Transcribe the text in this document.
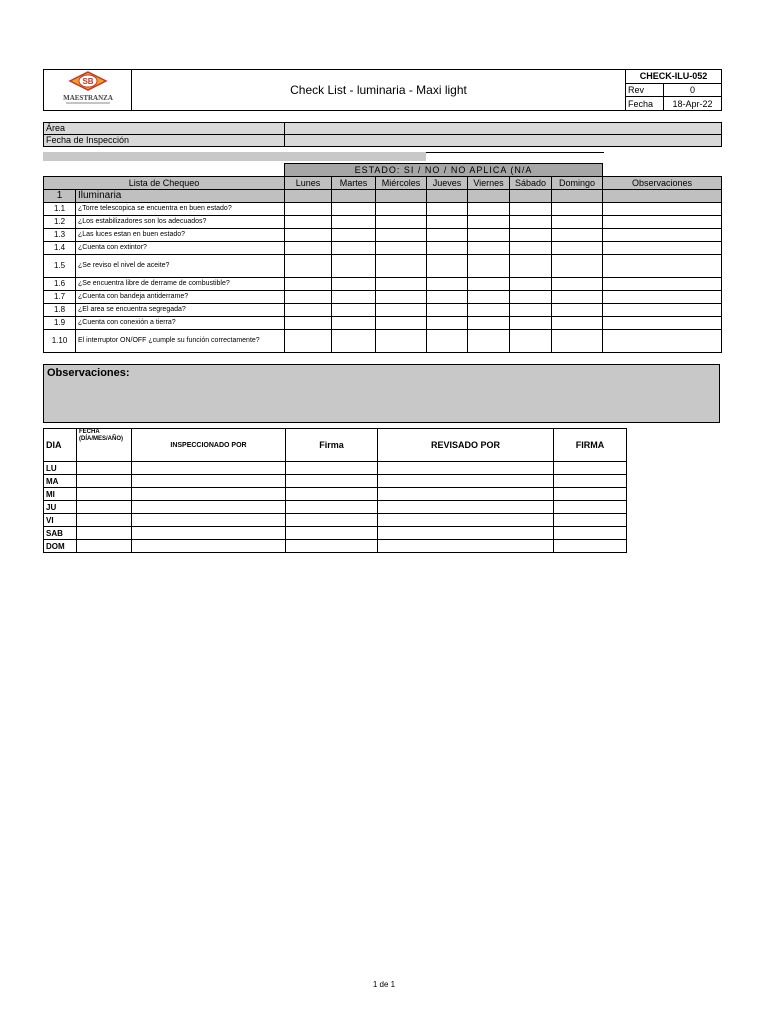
SB
MAESTRANZA	Check List - luminaria - Maxi light	CHECK-ILU-052	
		Rev	0
		Fecha	18-Apr-22
Área	
Fecha de Inspección	
		ESTADO: SI / NO / NO APLICA (N/A							
Lista de Chequeo		Lunes	Martes	Miércoles	Jueves	Viernes	Sábado	Domingo	Observaciones
1	Iluminaria								
1.1	¿Torre telescopica se encuentra en buen estado?								
1.2	¿Los estabilizadores son los adecuados?								
1.3	¿Las luces estan en buen estado?								
1.4	¿Cuenta con extintor?								
1.5	¿Se reviso el nivel de aceite?								
1.6	¿Se encuentra libre de derrame de combustible?								
1.7	¿Cuenta con bandeja antiderrame?								
1.8	¿El area se encuentra segregada?								
1.9	¿Cuenta con conexión a tierra?								
1.10	El interruptor ON/OFF ¿cumple su función correctamente?								
Observaciones:
DIA	FECHA (DÍA/MES/AÑO)	INSPECCIONADO POR	Firma	REVISADO POR	FIRMA
LU					
MA					
MI					
JU					
VI					
SAB					
DOM					
1 de 1
